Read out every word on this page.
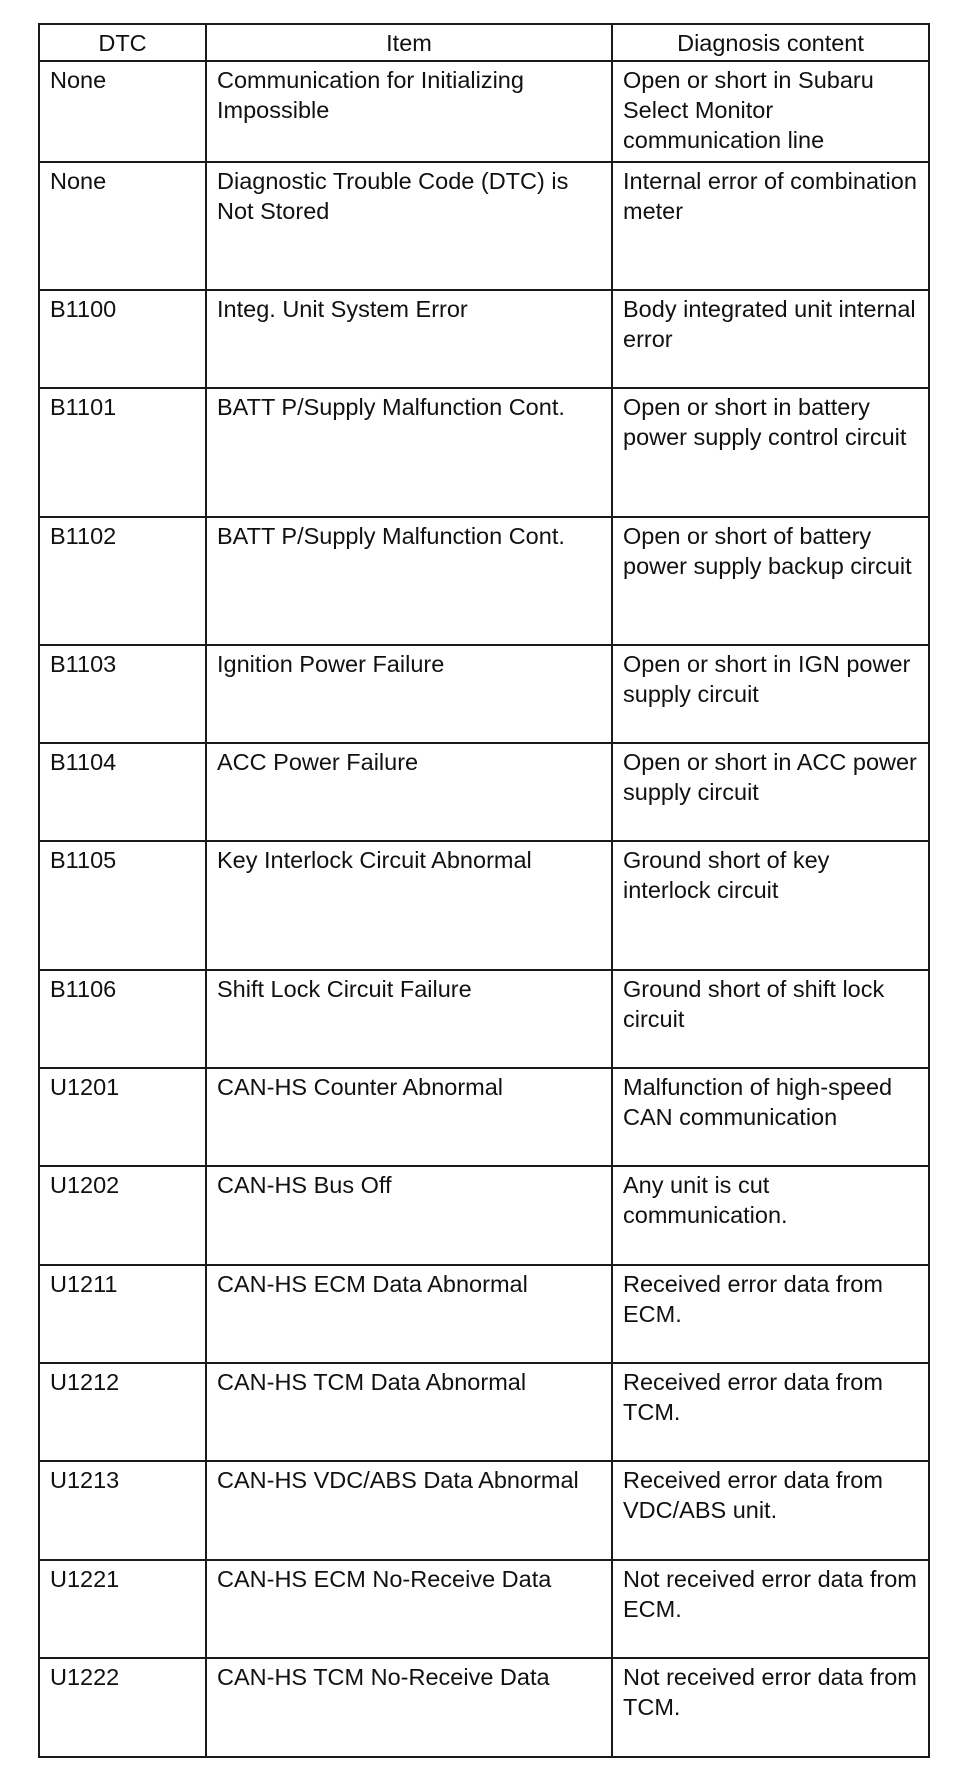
DTC	Item	Diagnosis content
None	Communication for Initializing Impossible	Open or short in Subaru Select Monitor communication line
None	Diagnostic Trouble Code (DTC) is Not Stored	Internal error of combination meter
B1100	Integ. Unit System Error	Body integrated unit internal error
B1101	BATT P/Supply Malfunction Cont.	Open or short in battery power supply control circuit
B1102	BATT P/Supply Malfunction Cont.	Open or short of battery power supply backup circuit
B1103	Ignition Power Failure	Open or short in IGN power supply circuit
B1104	ACC Power Failure	Open or short in ACC power supply circuit
B1105	Key Interlock Circuit Abnormal	Ground short of key interlock circuit
B1106	Shift Lock Circuit Failure	Ground short of shift lock circuit
U1201	CAN-HS Counter Abnormal	Malfunction of high-speed CAN communication
U1202	CAN-HS Bus Off	Any unit is cut communication.
U1211	CAN-HS ECM Data Abnormal	Received error data from ECM.
U1212	CAN-HS TCM Data Abnormal	Received error data from TCM.
U1213	CAN-HS VDC/ABS Data Abnormal	Received error data from VDC/ABS unit.
U1221	CAN-HS ECM No-Receive Data	Not received error data from ECM.
U1222	CAN-HS TCM No-Receive Data	Not received error data from TCM.
